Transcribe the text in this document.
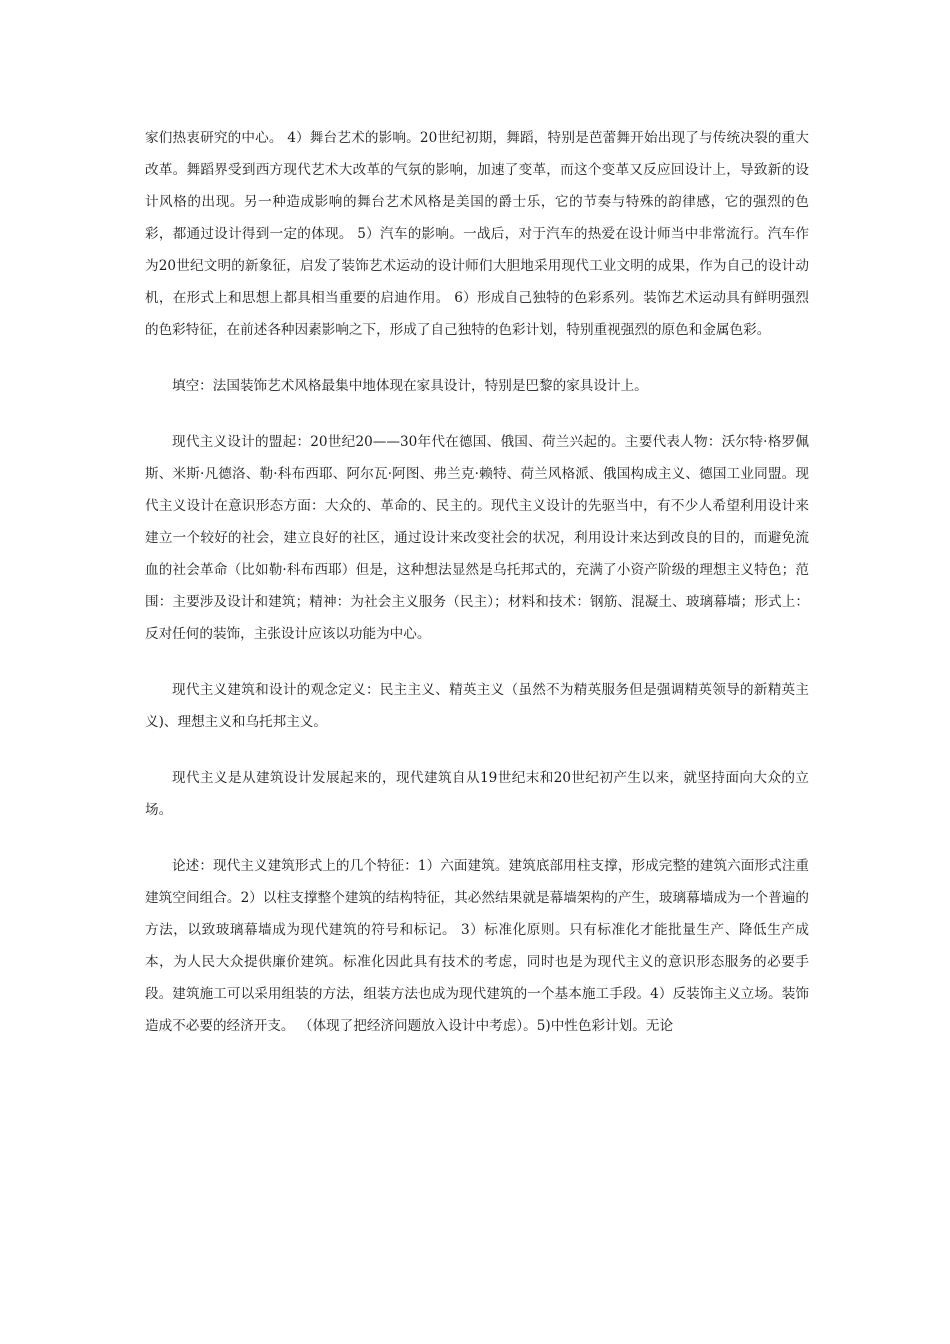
家们热衷研究的中心。 4）舞台艺术的影响。20世纪初期，舞蹈，特别是芭蕾舞开始出现了与传统决裂的重大改革。舞蹈界受到西方现代艺术大改革的气氛的影响，加速了变革，而这个变革又反应回设计上，导致新的设计风格的出现。另一种造成影响的舞台艺术风格是美国的爵士乐，它的节奏与特殊的韵律感，它的强烈的色彩，都通过设计得到一定的体现。 5）汽车的影响。一战后，对于汽车的热爱在设计师当中非常流行。汽车作为20世纪文明的新象征，启发了装饰艺术运动的设计师们大胆地采用现代工业文明的成果，作为自己的设计动机，在形式上和思想上都具相当重要的启迪作用。 6）形成自己独特的色彩系列。装饰艺术运动具有鲜明强烈的色彩特征，在前述各种因素影响之下，形成了自己独特的色彩计划，特别重视强烈的原色和金属色彩。

填空：法国装饰艺术风格最集中地体现在家具设计，特别是巴黎的家具设计上。

现代主义设计的盟起：20世纪20——30年代在德国、俄国、荷兰兴起的。主要代表人物：沃尔特·格罗佩斯、米斯·凡德洛、勒·科布西耶、阿尔瓦·阿图、弗兰克·赖特、荷兰风格派、俄国构成主义、德国工业同盟。现代主义设计在意识形态方面：大众的、革命的、民主的。现代主义设计的先驱当中，有不少人希望利用设计来建立一个较好的社会，建立良好的社区，通过设计来改变社会的状况，利用设计来达到改良的目的，而避免流血的社会革命（比如勒·科布西耶）但是，这种想法显然是乌托邦式的，充满了小资产阶级的理想主义特色；范围：主要涉及设计和建筑；精神：为社会主义服务（民主）；材料和技术：钢筋、混凝土、玻璃幕墙；形式上：反对任何的装饰，主张设计应该以功能为中心。

现代主义建筑和设计的观念定义：民主主义、精英主义（虽然不为精英服务但是强调精英领导的新精英主义)、理想主义和乌托邦主义。

现代主义是从建筑设计发展起来的，现代建筑自从19世纪末和20世纪初产生以来，就坚持面向大众的立场。

论述：现代主义建筑形式上的几个特征：1）六面建筑。建筑底部用柱支撑，形成完整的建筑六面形式注重建筑空间组合。2）以柱支撑整个建筑的结构特征，其必然结果就是幕墙架构的产生，玻璃幕墙成为一个普遍的方法，以致玻璃幕墙成为现代建筑的符号和标记。 3）标准化原则。只有标准化才能批量生产、降低生产成本，为人民大众提供廉价建筑。标准化因此具有技术的考虑，同时也是为现代主义的意识形态服务的必要手段。建筑施工可以采用组装的方法，组装方法也成为现代建筑的一个基本施工手段。4）反装饰主义立场。装饰造成不必要的经济开支。 （体现了把经济问题放入设计中考虑）。5)中性色彩计划。无论
